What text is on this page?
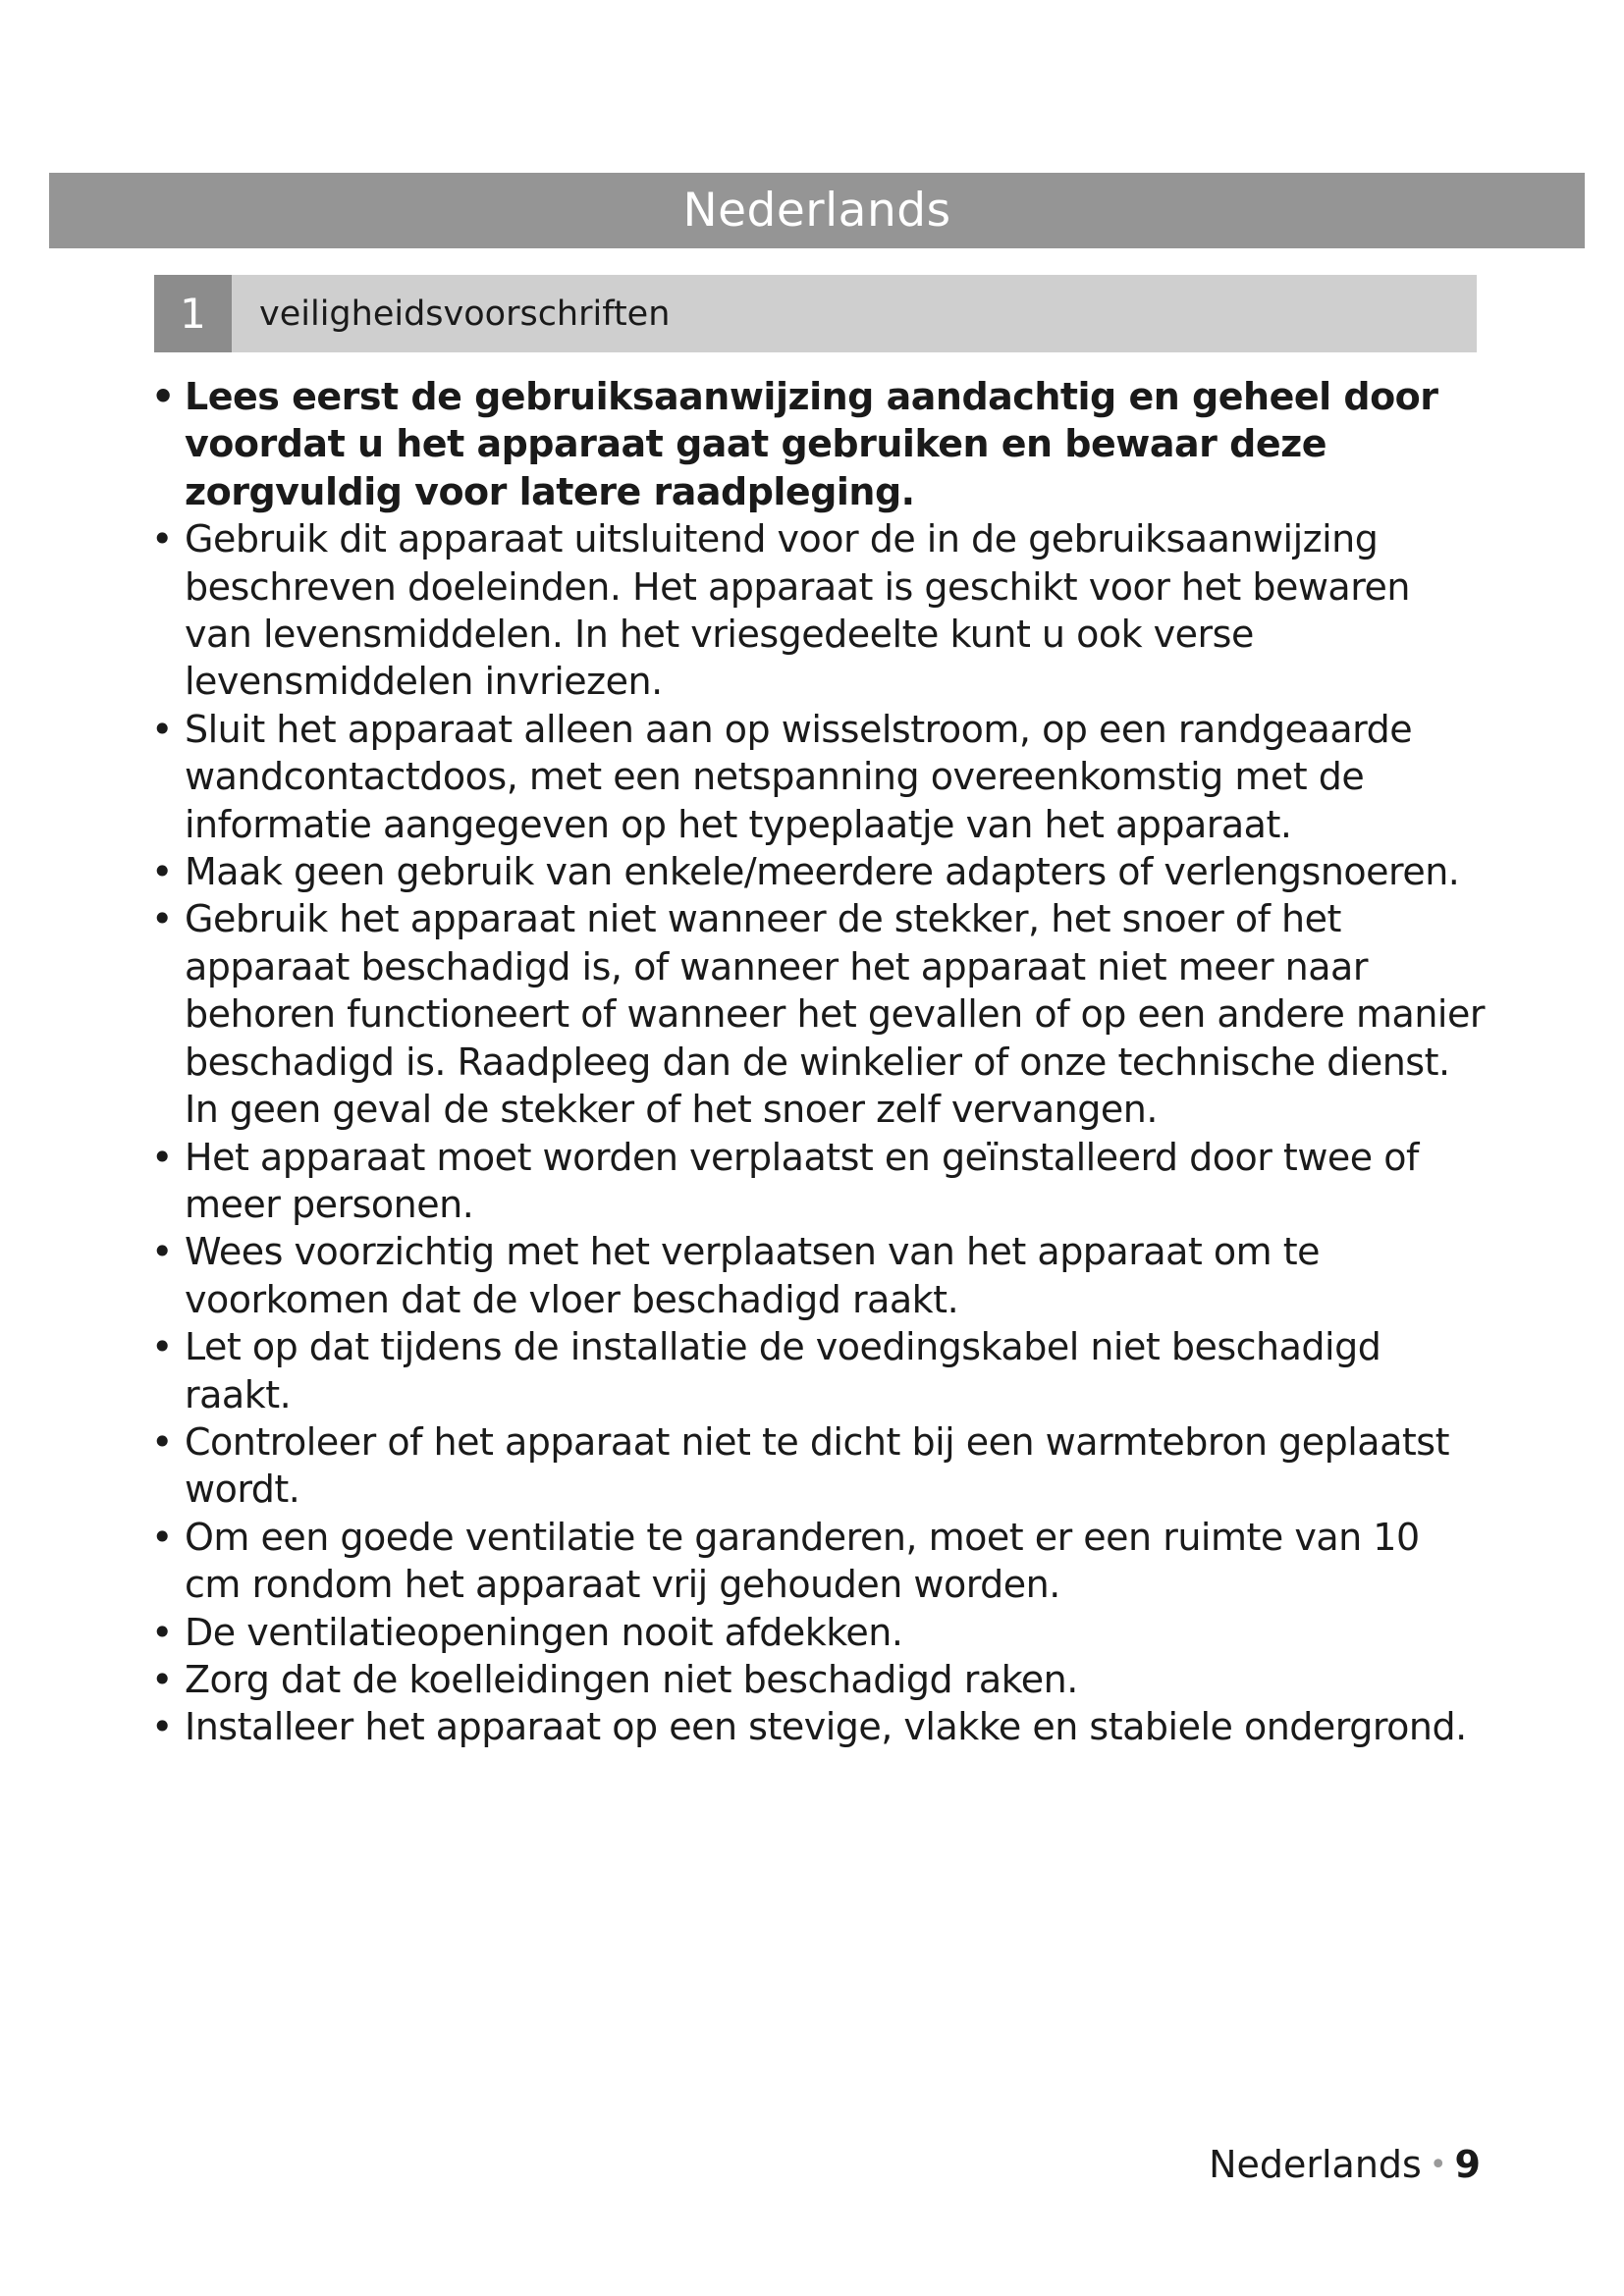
Nederlands
1	veiligheidsvoorschriften
• Lees eerst de gebruiksaanwijzing aandachtig en geheel door voordat u het apparaat gaat gebruiken en bewaar deze zorgvuldig voor latere raadpleging.
• Gebruik dit apparaat uitsluitend voor de in de gebruiksaanwijzing beschreven doeleinden. Het apparaat is geschikt voor het bewaren van levensmiddelen. In het vriesgedeelte kunt u ook verse levensmiddelen invriezen.
• Sluit het apparaat alleen aan op wisselstroom, op een randgeaarde wandcontactdoos, met een netspanning overeenkomstig met de informatie aangegeven op het typeplaatje van het apparaat.
• Maak geen gebruik van enkele/meerdere adapters of verlengsnoeren.
• Gebruik het apparaat niet wanneer de stekker, het snoer of het apparaat beschadigd is, of wanneer het apparaat niet meer naar behoren functioneert of wanneer het gevallen of op een andere manier beschadigd is. Raadpleeg dan de winkelier of onze technische dienst. In geen geval de stekker of het snoer zelf vervangen.
• Het apparaat moet worden verplaatst en geïnstalleerd door twee of meer personen.
• Wees voorzichtig met het verplaatsen van het apparaat om te voorkomen dat de vloer beschadigd raakt.
• Let op dat tijdens de installatie de voedingskabel niet beschadigd raakt.
• Controleer of het apparaat niet te dicht bij een warmtebron geplaatst wordt.
• Om een goede ventilatie te garanderen, moet er een ruimte van 10 cm rondom het apparaat vrij gehouden worden.
• De ventilatieopeningen nooit afdekken.
• Zorg dat de koelleidingen niet beschadigd raken.
• Installeer het apparaat op een stevige, vlakke en stabiele ondergrond.
Nederlands • 9
